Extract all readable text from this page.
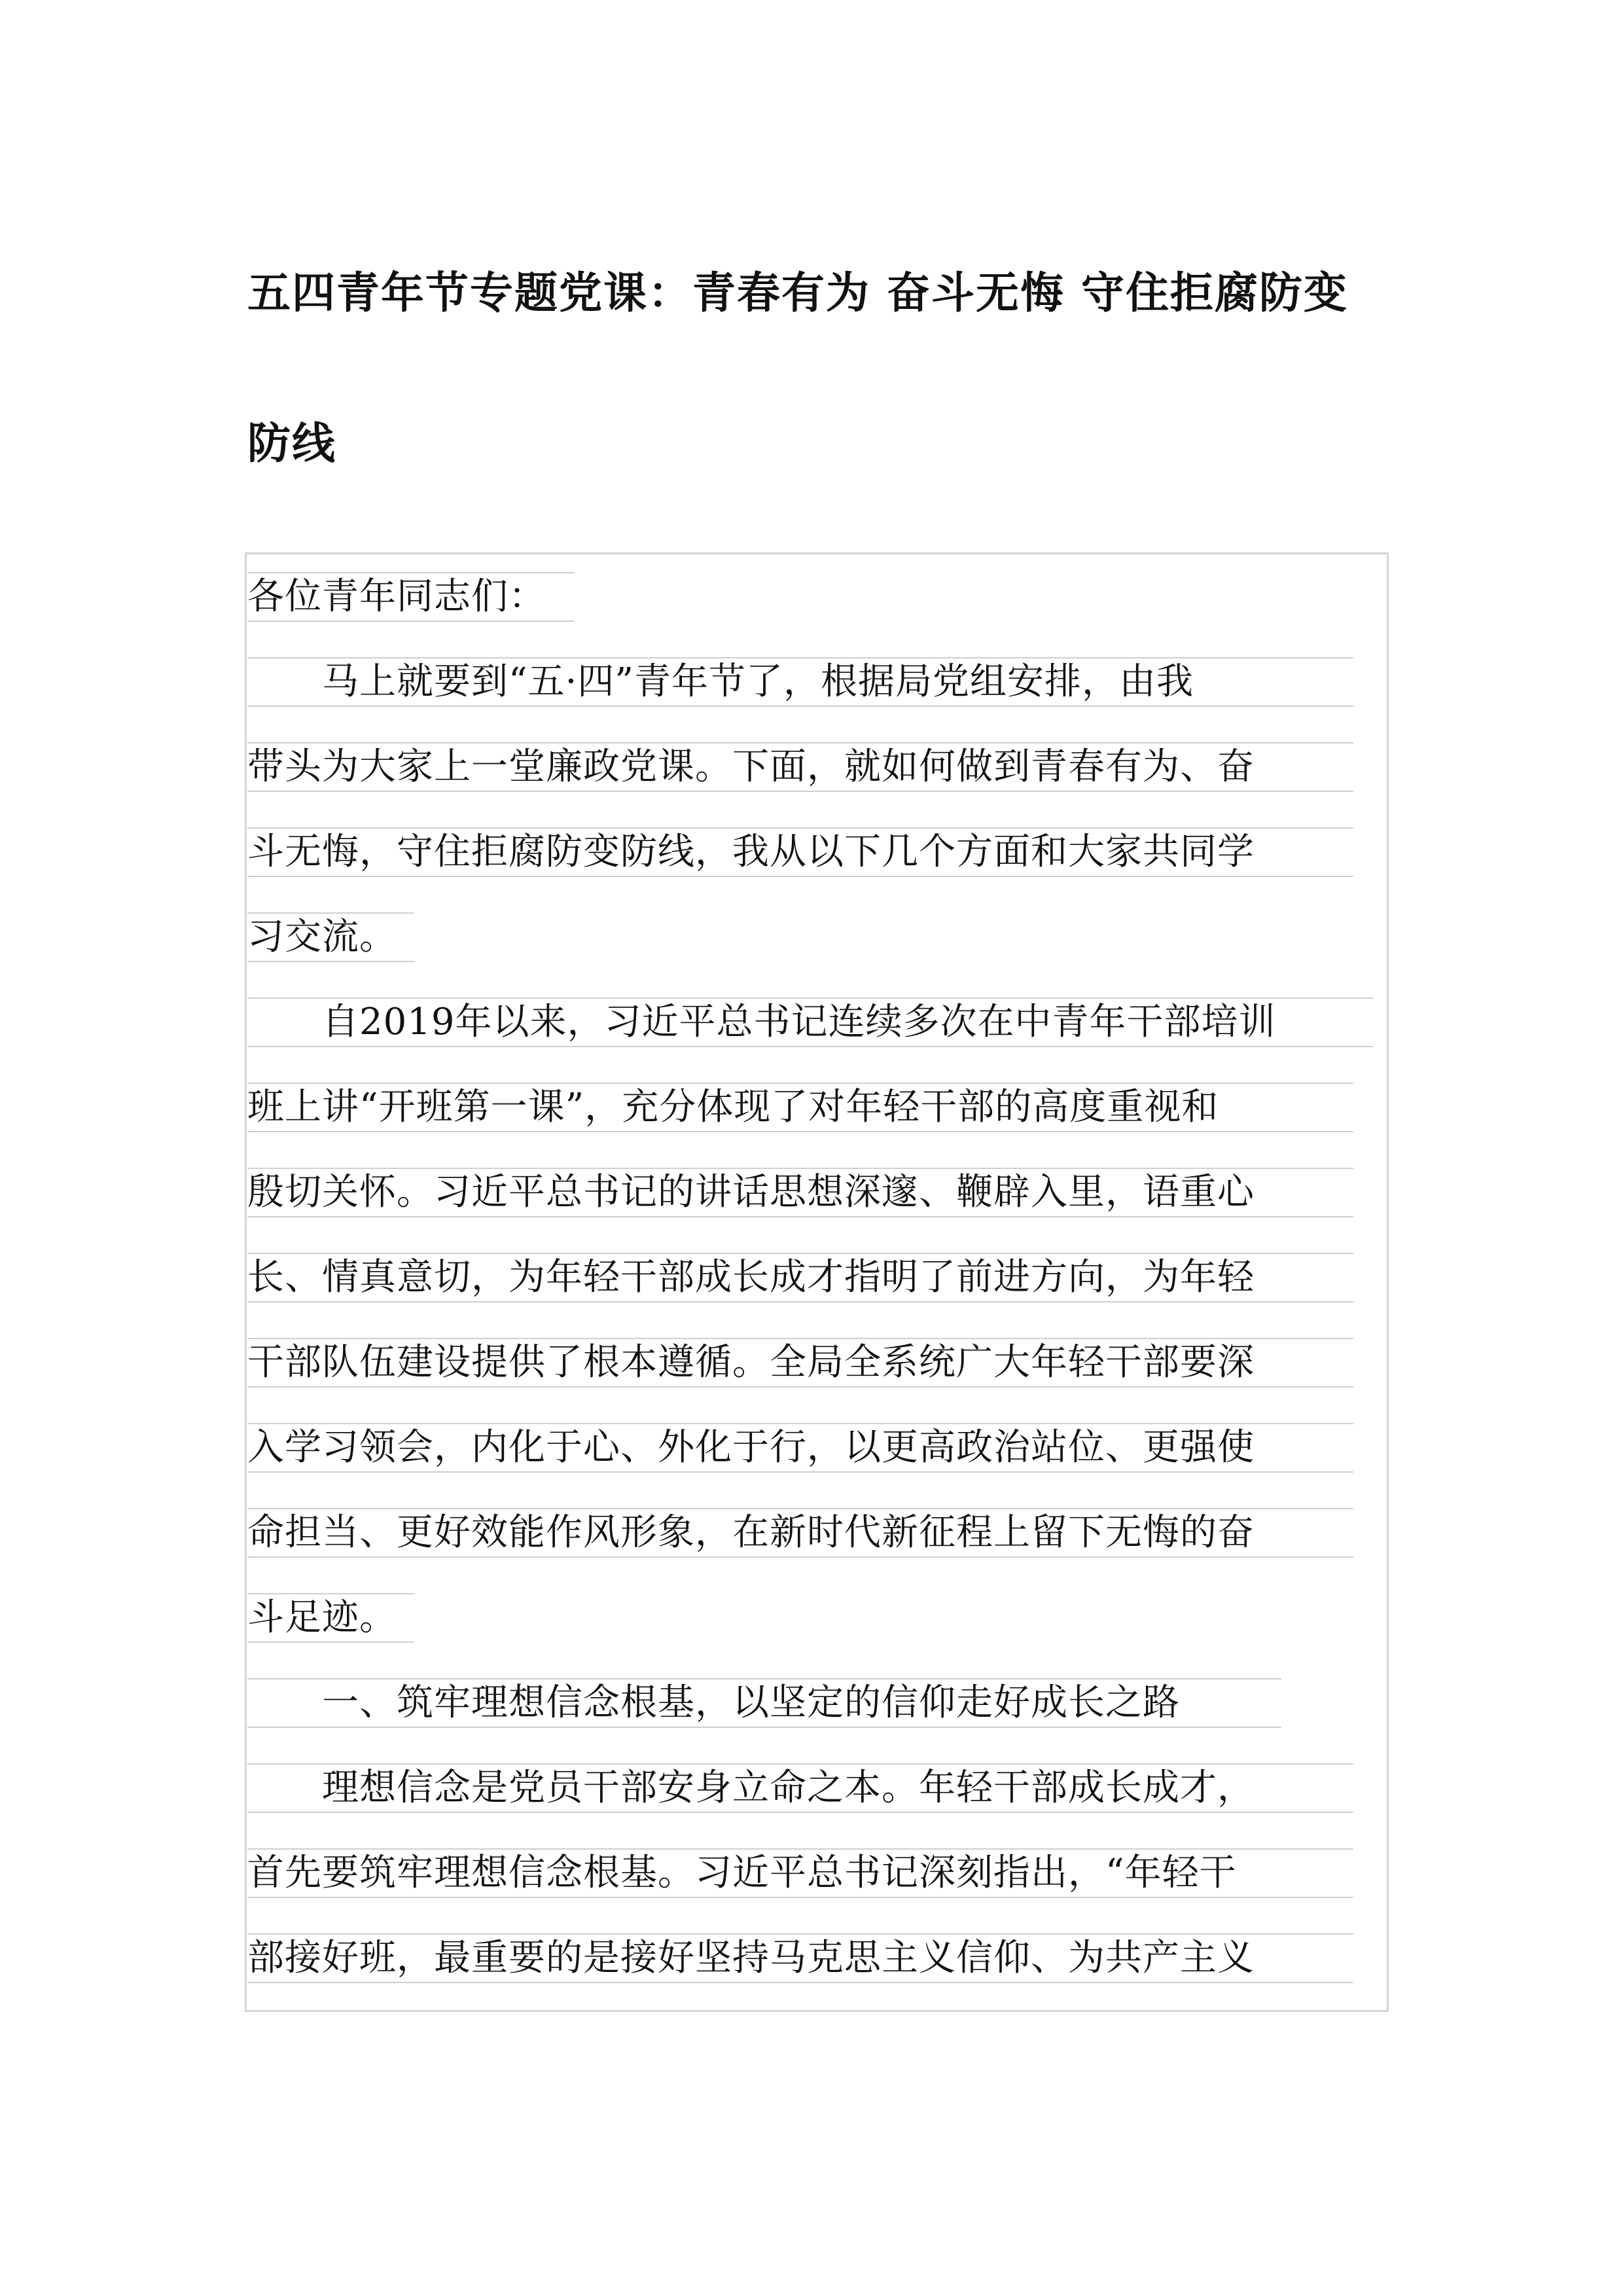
五四青年节专题党课：青春有为 奋斗无悔 守住拒腐防变
防线
各位青年同志们：
　　马上就要到“五·四”青年节了，根据局党组安排，由我
带头为大家上一堂廉政党课。下面，就如何做到青春有为、奋
斗无悔，守住拒腐防变防线，我从以下几个方面和大家共同学
习交流。
　　自2019年以来，习近平总书记连续多次在中青年干部培训
班上讲“开班第一课”，充分体现了对年轻干部的高度重视和
殷切关怀。习近平总书记的讲话思想深邃、鞭辟入里，语重心
长、情真意切，为年轻干部成长成才指明了前进方向，为年轻
干部队伍建设提供了根本遵循。全局全系统广大年轻干部要深
入学习领会，内化于心、外化于行，以更高政治站位、更强使
命担当、更好效能作风形象，在新时代新征程上留下无悔的奋
斗足迹。
　　一、筑牢理想信念根基，以坚定的信仰走好成长之路
　　理想信念是党员干部安身立命之本。年轻干部成长成才，
首先要筑牢理想信念根基。习近平总书记深刻指出，“年轻干
部接好班，最重要的是接好坚持马克思主义信仰、为共产主义
